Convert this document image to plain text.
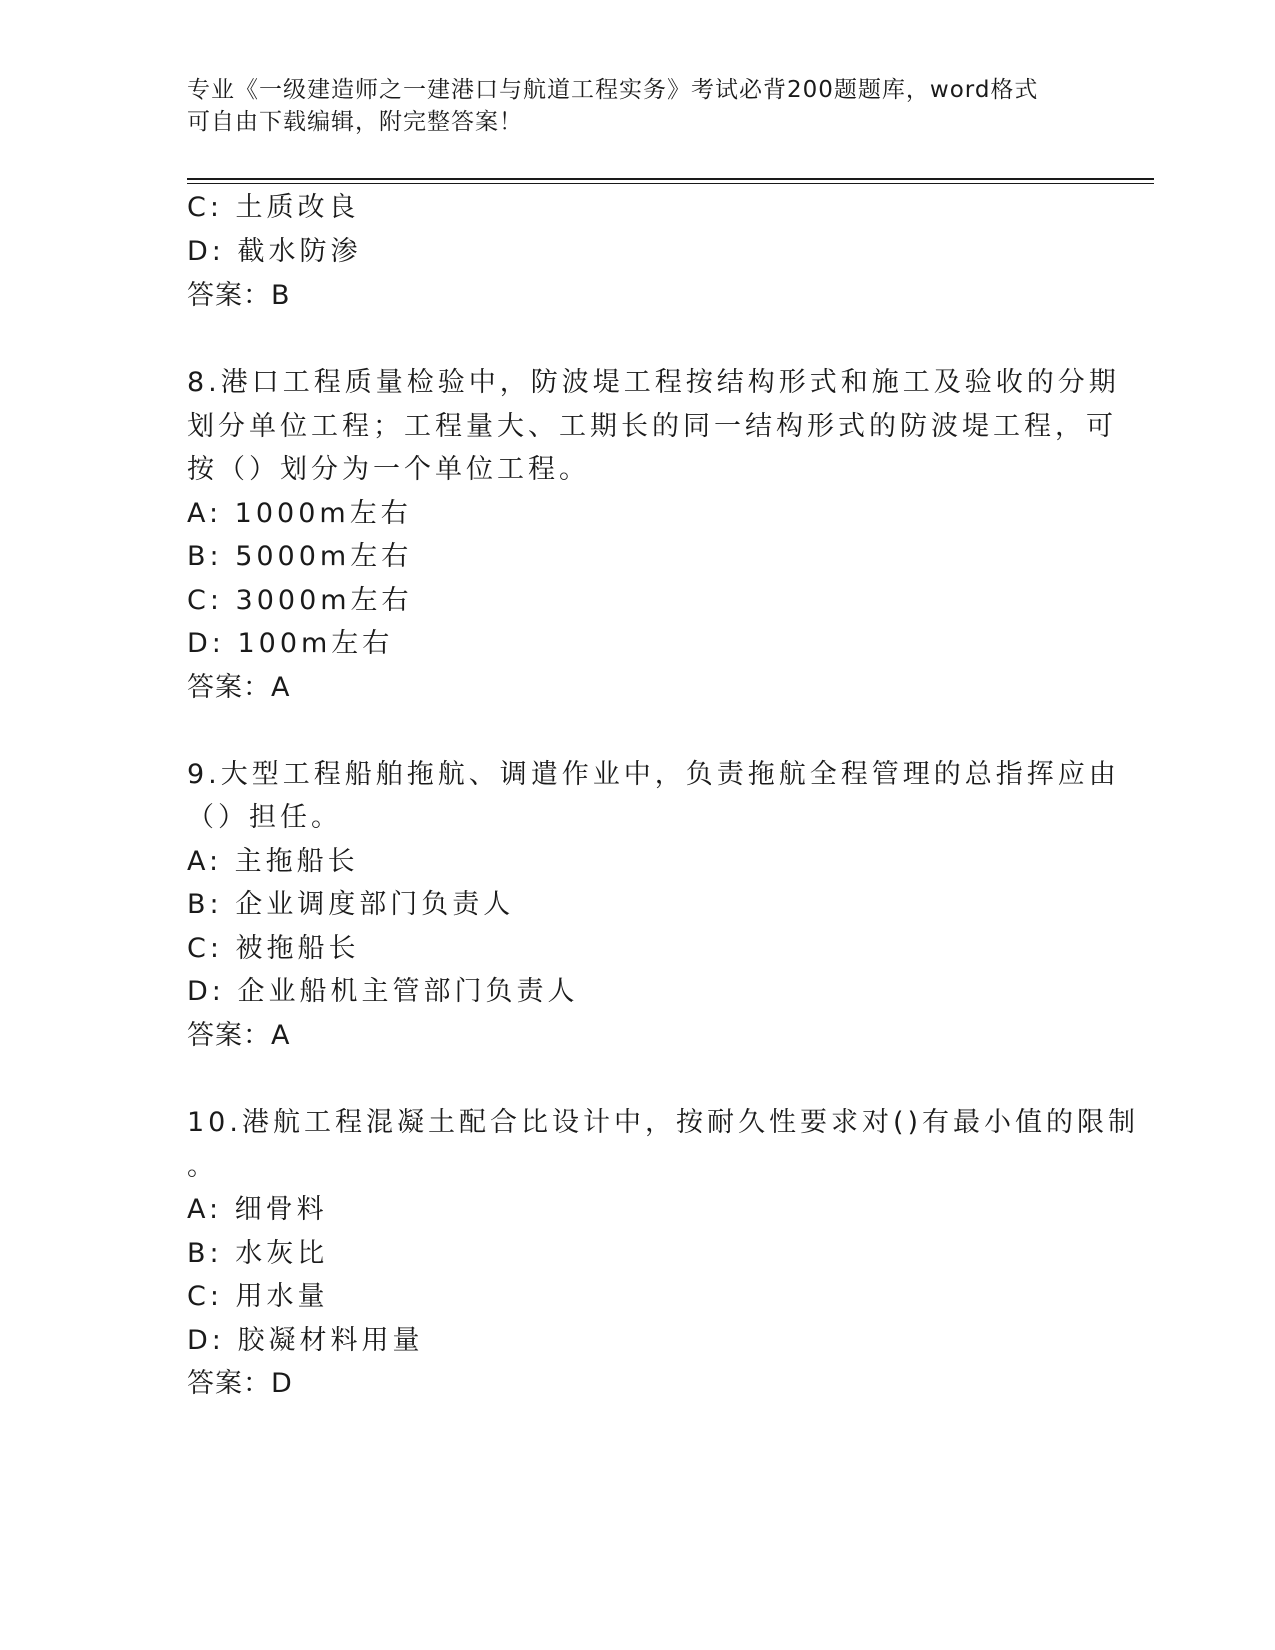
专业《一级建造师之一建港口与航道工程实务》考试必背200题题库，word格式
可自由下载编辑，附完整答案！
C: 土质改良
D: 截水防渗
答案：B
8.港口工程质量检验中，防波堤工程按结构形式和施工及验收的分期
划分单位工程；工程量大、工期长的同一结构形式的防波堤工程，可
按（）划分为一个单位工程。
A: 1000m左右
B: 5000m左右
C: 3000m左右
D: 100m左右
答案：A
9.大型工程船舶拖航、调遣作业中，负责拖航全程管理的总指挥应由
（）担任。
A: 主拖船长
B: 企业调度部门负责人
C: 被拖船长
D: 企业船机主管部门负责人
答案：A
10.港航工程混凝土配合比设计中，按耐久性要求对()有最小值的限制
。
A: 细骨料
B: 水灰比
C: 用水量
D: 胶凝材料用量
答案：D
